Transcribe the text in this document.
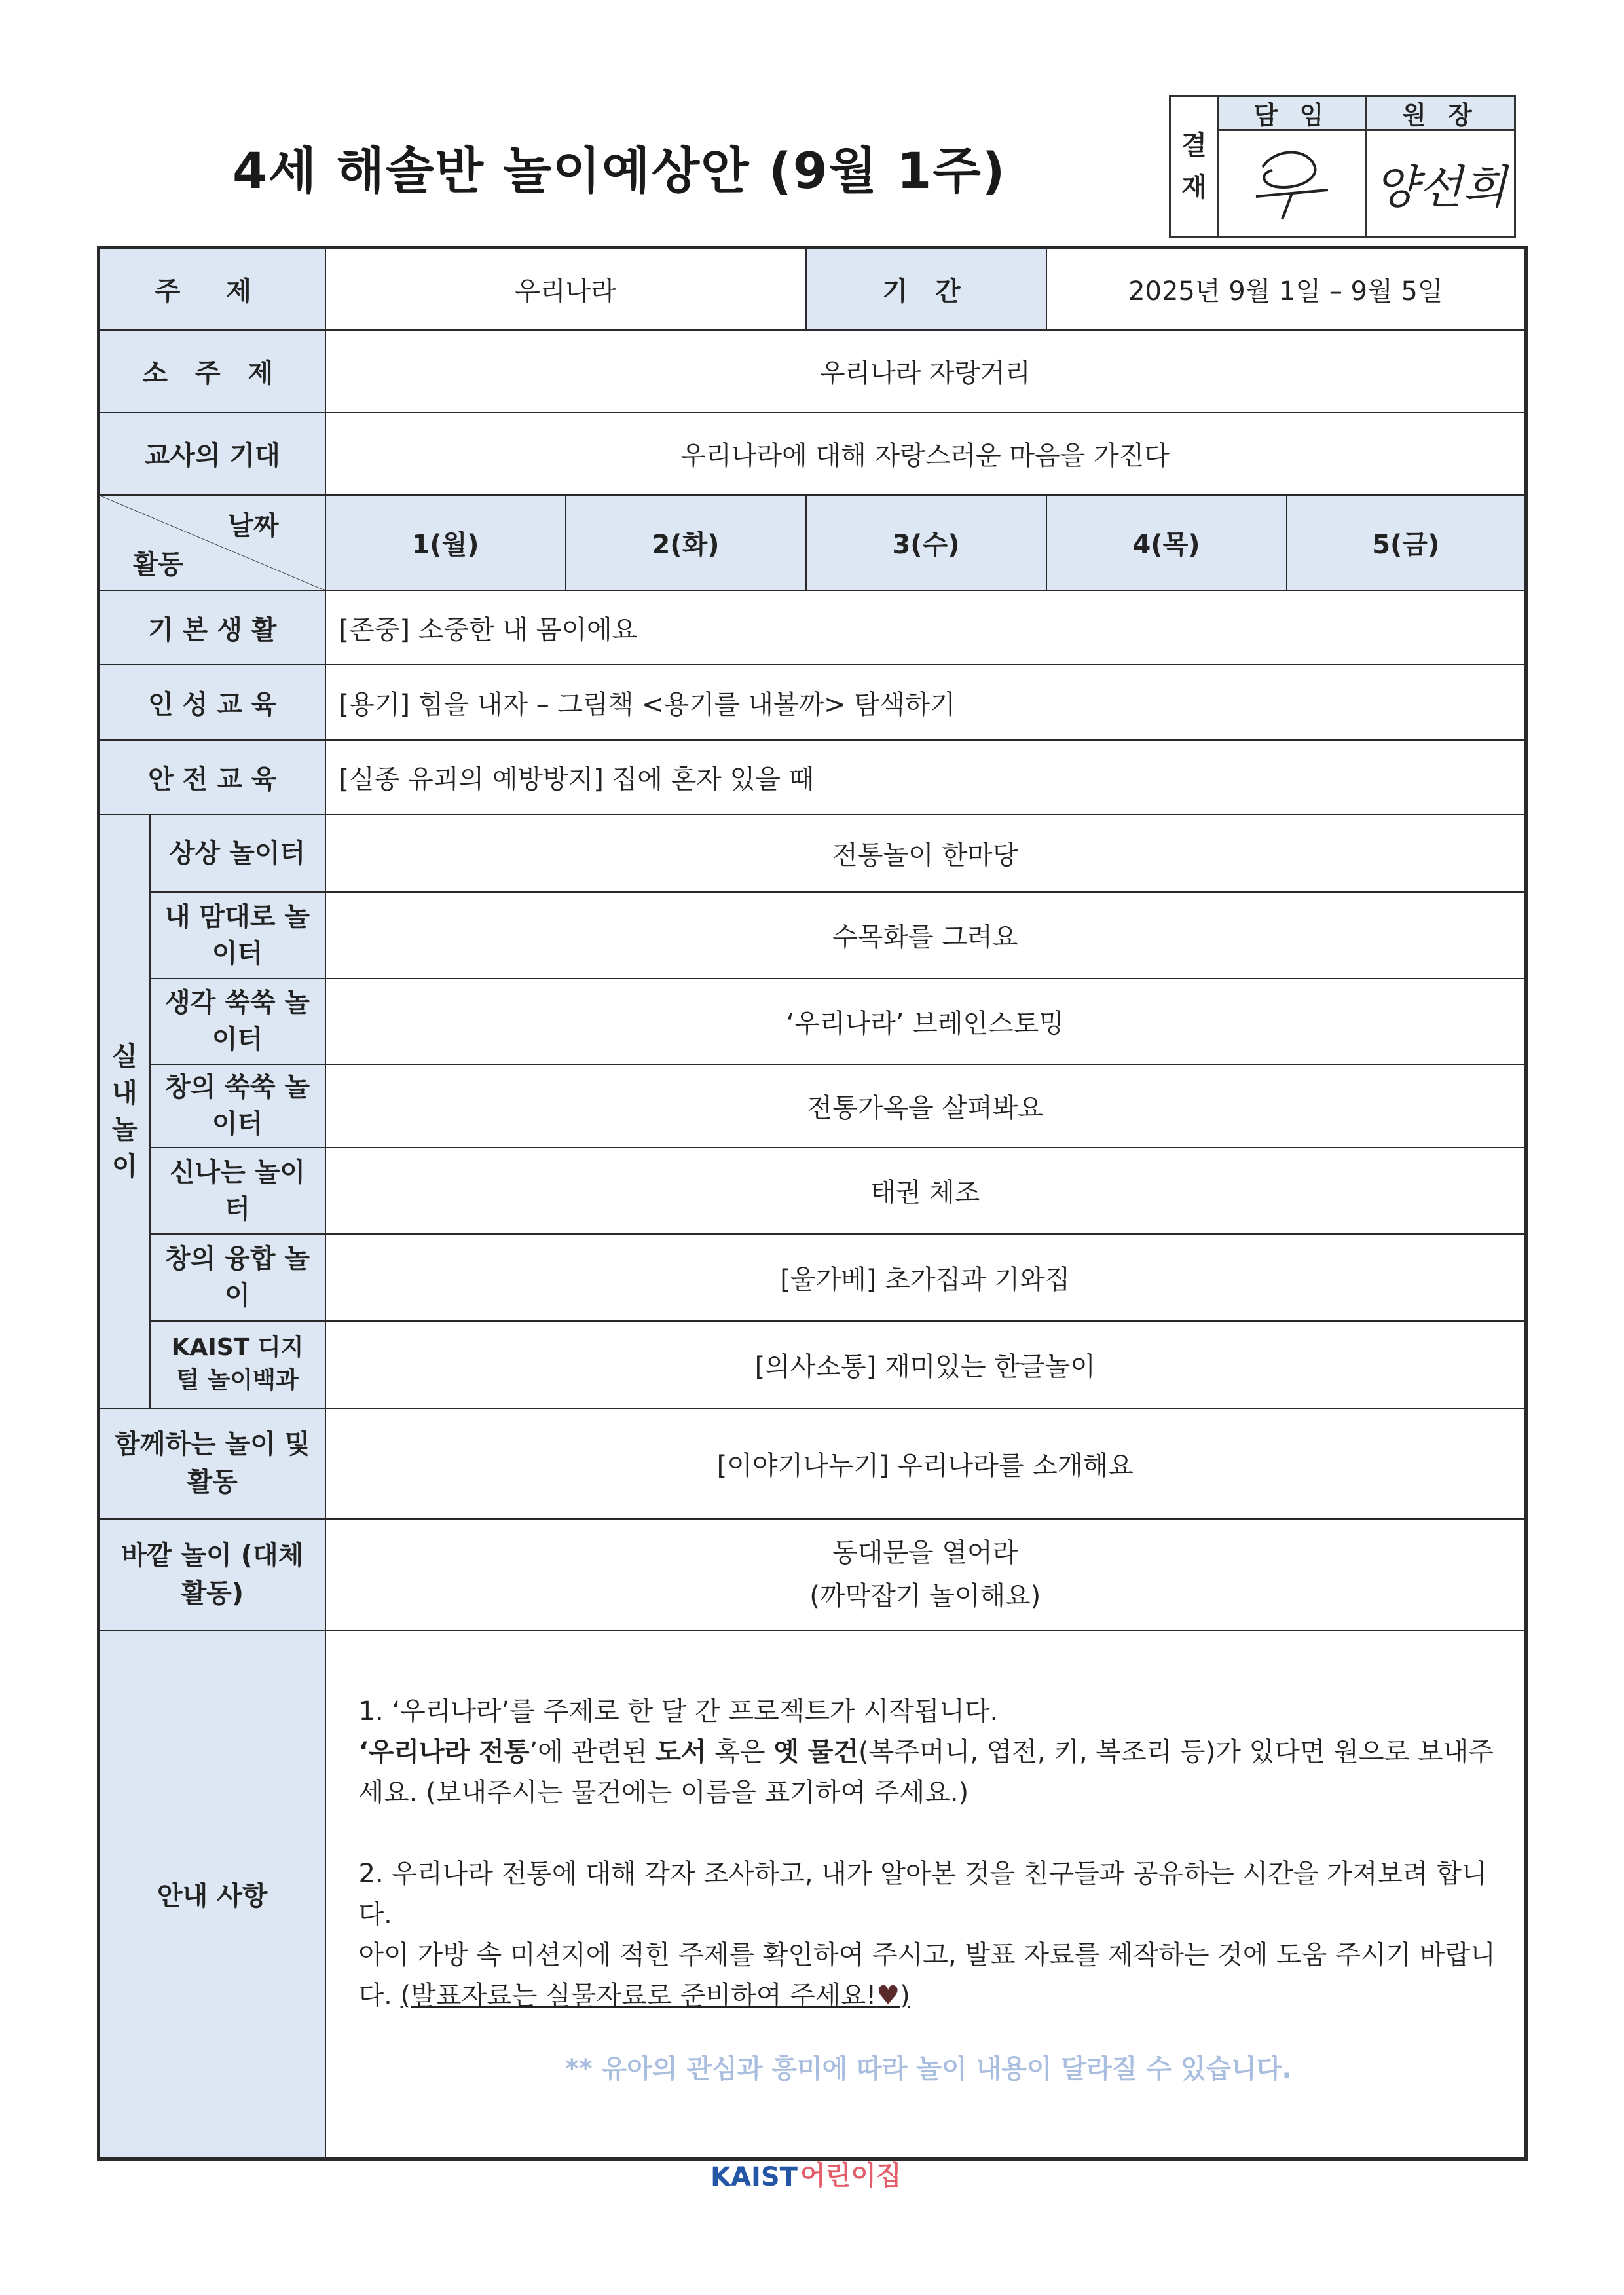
4세 해솔반 놀이예상안 (9월 1주)	결
재
담 임	원 장
양선희
주 제		우리나라		기 간	2025년 9월 1일 – 9월 5일	
소 주 제		우리나라 자랑거리				
교사의 기대		우리나라에 대해 자랑스러운 마음을 가진다				

날짜
활동		1(월)	2(화)	3(수)	4(목)	5(금)
기 본 생 활		[존중] 소중한 내 몸이에요				
인 성 교 육		[용기] 힘을 내자 – 그림책 <용기를 내볼까> 탐색하기				
안 전 교 육		[실종 유괴의 예방방지] 집에 혼자 있을 때				

실
내
놀
이	상상 놀이터	전통놀이 한마당				
	내 맘대로 놀이터	수목화를 그려요				
	생각 쑥쑥 놀이터	‘우리나라’ 브레인스토밍				
	창의 쑥쑥 놀이터	전통가옥을 살펴봐요				
	신나는 놀이터	태권 체조				
	창의 융합 놀이	[울가베] 초가집과 기와집				
	KAIST 디지털 놀이백과	[의사소통] 재미있는 한글놀이				
함께하는 놀이 및 활동		[이야기나누기] 우리나라를 소개해요				
바깥 놀이 (대체 활동)		동대문을 열어라
(까막잡기 놀이해요)				

안내 사항		1. ‘우리나라’를 주제로 한 달 간 프로젝트가 시작됩니다.
‘우리나라 전통’에 관련된 도서 혹은 옛 물건(복주머니, 엽전, 키, 복조리 등)가 있다면 원으로 보내주세요. (보내주시는 물건에는 이름을 표기하여 주세요.)

2. 우리나라 전통에 대해 각자 조사하고, 내가 알아본 것을 친구들과 공유하는 시간을 가져보려 합니다.
아이 가방 속 미션지에 적힌 주제를 확인하여 주시고, 발표 자료를 제작하는 것에 도움 주시기 바랍니다. (발표자료는 실물자료로 준비하여 주세요!♥)

** 유아의 관심과 흥미에 따라 놀이 내용이 달라질 수 있습니다.				

KAIST 어린이집
